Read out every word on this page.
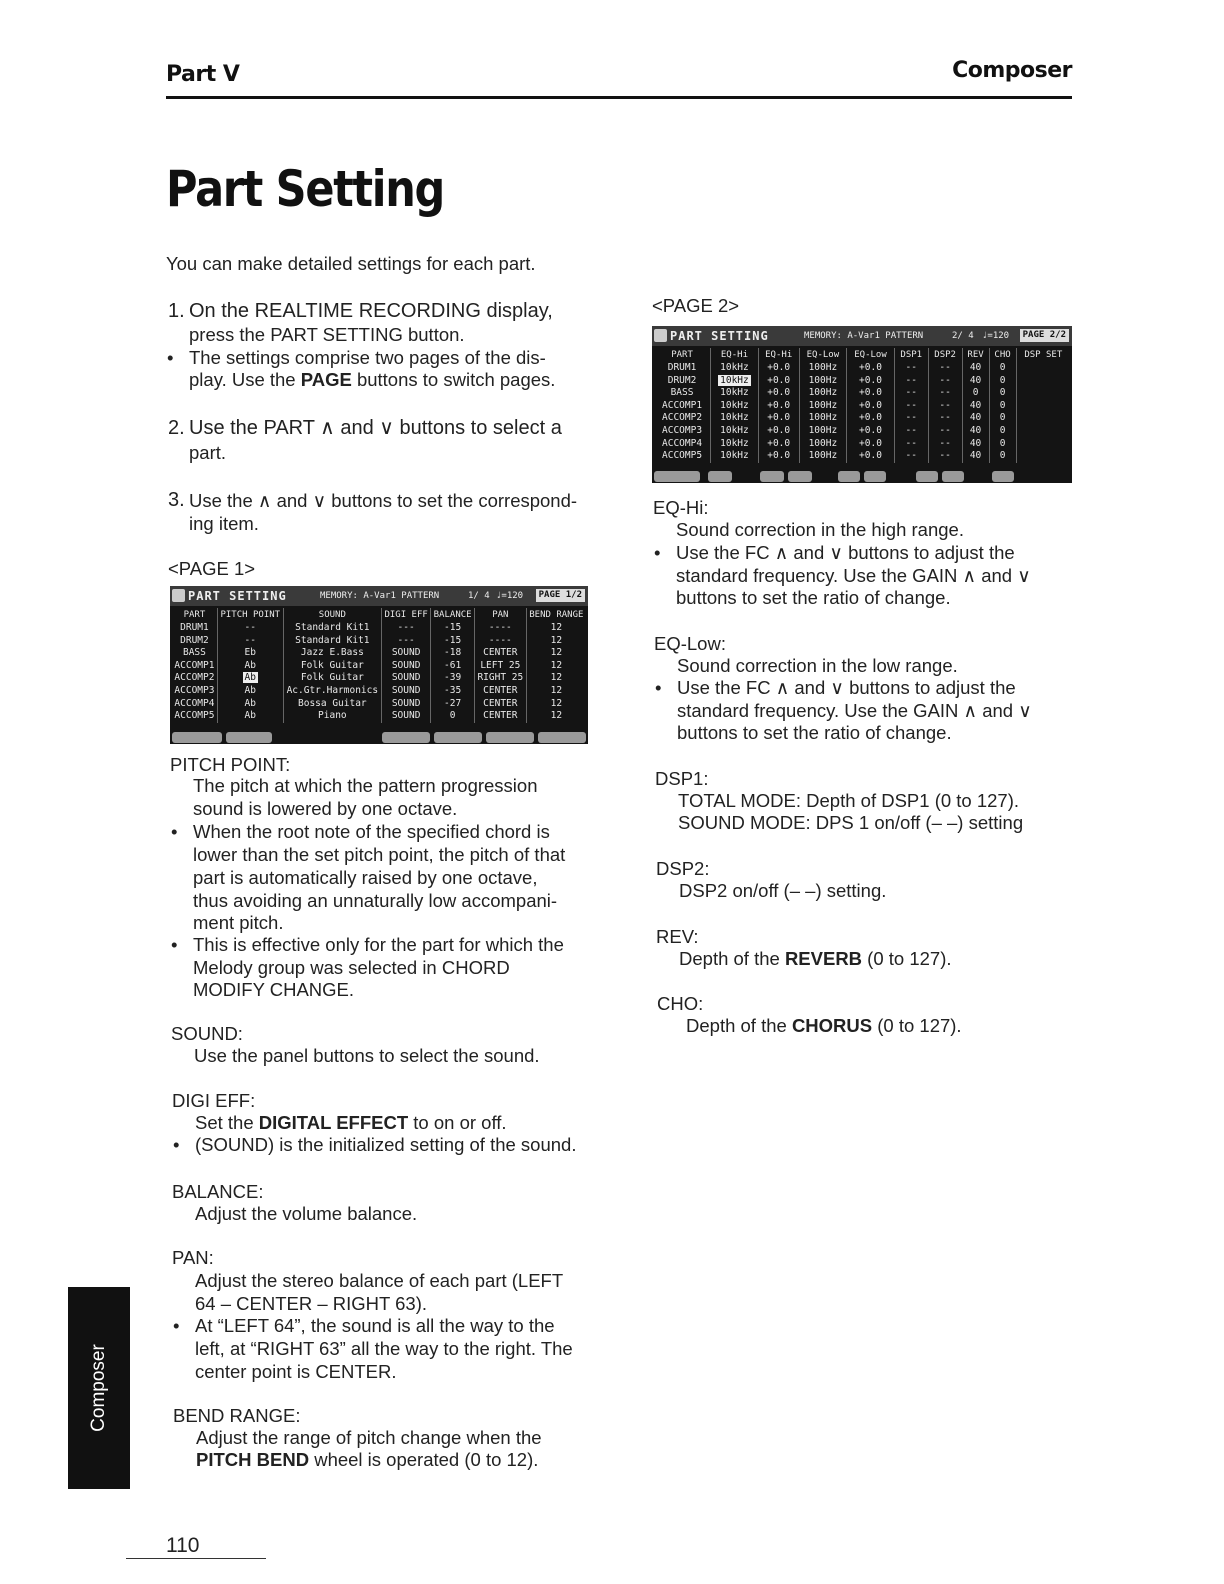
Part V	Composer
Part Setting
You can make detailed settings for each part.
1. On the REALTIME RECORDING display,
press the PART SETTING button.
• The settings comprise two pages of the dis-
play. Use the PAGE buttons to switch pages.
2. Use the PART ∧ and ∨ buttons to select a
part.
3. Use the ∧ and ∨ buttons to set the correspond-
ing item.
<PAGE 1>
PART SETTING	MEMORY: A-Var1 PATTERN	1/ 4 ♩=120	PAGE 1/2
PART	PITCH POINT	SOUND	DIGI EFF	BALANCE	PAN	BEND RANGE
DRUM1	--	Standard Kit1	---	-15	----	12
DRUM2	--	Standard Kit1	---	-15	----	12
BASS	Eb	Jazz E.Bass	SOUND	-18	CENTER	12
ACCOMP1	Ab	Folk Guitar	SOUND	-61	LEFT 25	12
ACCOMP2	Ab	Folk Guitar	SOUND	-39	RIGHT 25	12
ACCOMP3	Ab	Ac.Gtr.Harmonics	SOUND	-35	CENTER	12
ACCOMP4	Ab	Bossa Guitar	SOUND	-27	CENTER	12
ACCOMP5	Ab	Piano	SOUND	0	CENTER	12
PITCH POINT:
The pitch at which the pattern progression
sound is lowered by one octave.
• When the root note of the specified chord is
lower than the set pitch point, the pitch of that
part is automatically raised by one octave,
thus avoiding an unnaturally low accompani-
ment pitch.
• This is effective only for the part for which the
Melody group was selected in CHORD
MODIFY CHANGE.
SOUND:
Use the panel buttons to select the sound.
DIGI EFF:
Set the DIGITAL EFFECT to on or off.
• (SOUND) is the initialized setting of the sound.
BALANCE:
Adjust the volume balance.
PAN:
Adjust the stereo balance of each part (LEFT
64 – CENTER – RIGHT 63).
• At “LEFT 64”, the sound is all the way to the
left, at “RIGHT 63” all the way to the right. The
center point is CENTER.
BEND RANGE:
Adjust the range of pitch change when the
PITCH BEND wheel is operated (0 to 12).
<PAGE 2>
PART SETTING	MEMORY: A-Var1 PATTERN	2/ 4 ♩=120	PAGE 2/2
PART	EQ-Hi	EQ-Hi	EQ-Low	EQ-Low	DSP1	DSP2	REV	CHO	DSP SET
DRUM1	10kHz	+0.0	100Hz	+0.0	--	--	40	0	
DRUM2	10kHz	+0.0	100Hz	+0.0	--	--	40	0	
BASS	10kHz	+0.0	100Hz	+0.0	--	--	0	0	
ACCOMP1	10kHz	+0.0	100Hz	+0.0	--	--	40	0	
ACCOMP2	10kHz	+0.0	100Hz	+0.0	--	--	40	0	
ACCOMP3	10kHz	+0.0	100Hz	+0.0	--	--	40	0	
ACCOMP4	10kHz	+0.0	100Hz	+0.0	--	--	40	0	
ACCOMP5	10kHz	+0.0	100Hz	+0.0	--	--	40	0	
EQ-Hi:
Sound correction in the high range.
• Use the FC ∧ and ∨ buttons to adjust the
standard frequency. Use the GAIN ∧ and ∨
buttons to set the ratio of change.
EQ-Low:
Sound correction in the low range.
• Use the FC ∧ and ∨ buttons to adjust the
standard frequency. Use the GAIN ∧ and ∨
buttons to set the ratio of change.
DSP1:
TOTAL MODE: Depth of DSP1 (0 to 127).
SOUND MODE: DPS 1 on/off (– –) setting
DSP2:
DSP2 on/off (– –) setting.
REV:
Depth of the REVERB (0 to 127).
CHO:
Depth of the CHORUS (0 to 127).
Composer
110
